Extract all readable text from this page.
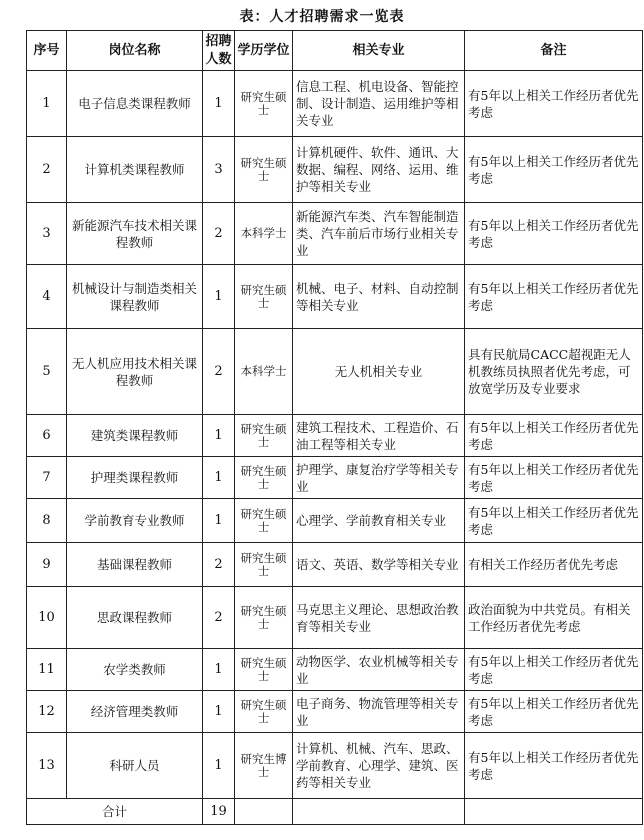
表：人才招聘需求一览表
序号	岗位名称	招聘人数	学历学位	相关专业	备注
1	电子信息类课程教师	1	研究生硕士	信息工程、机电设备、智能控制、设计制造、运用维护等相关专业	有5年以上相关工作经历者优先考虑
2	计算机类课程教师	3	研究生硕士	计算机硬件、软件、通讯、大数据、编程、网络、运用、维护等相关专业	有5年以上相关工作经历者优先考虑
3	新能源汽车技术相关课程教师	2	本科学士	新能源汽车类、汽车智能制造类、汽车前后市场行业相关专业	有5年以上相关工作经历者优先考虑
4	机械设计与制造类相关课程教师	1	研究生硕士	机械、电子、材料、自动控制等相关专业	有5年以上相关工作经历者优先考虑
5	无人机应用技术相关课程教师	2	本科学士	无人机相关专业	具有民航局CACC超视距无人机教练员执照者优先考虑，可放宽学历及专业要求
6	建筑类课程教师	1	研究生硕士	建筑工程技术、工程造价、石油工程等相关专业	有5年以上相关工作经历者优先考虑
7	护理类课程教师	1	研究生硕士	护理学、康复治疗学等相关专业	有5年以上相关工作经历者优先考虑
8	学前教育专业教师	1	研究生硕士	心理学、学前教育相关专业	有5年以上相关工作经历者优先考虑
9	基础课程教师	2	研究生硕士	语文、英语、数学等相关专业	有相关工作经历者优先考虑
10	思政课程教师	2	研究生硕士	马克思主义理论、思想政治教育等相关专业	政治面貌为中共党员。有相关工作经历者优先考虑
11	农学类教师	1	研究生硕士	动物医学、农业机械等相关专业	有5年以上相关工作经历者优先考虑
12	经济管理类教师	1	研究生硕士	电子商务、物流管理等相关专业	有5年以上相关工作经历者优先考虑
13	科研人员	1	研究生博士	计算机、机械、汽车、思政、学前教育、心理学、建筑、医药等相关专业	有5年以上相关工作经历者优先考虑
合计		19			
